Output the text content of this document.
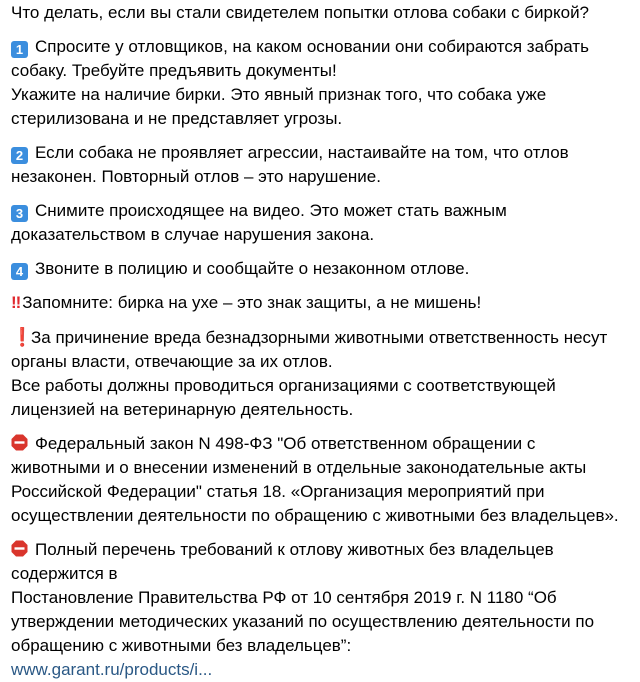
Что делать, если вы стали свидетелем попытки отлова собаки с биркой?
1 Спросите у отловщиков, на каком основании они собираются забрать
собаку. Требуйте предъявить документы!
Укажите на наличие бирки. Это явный признак того, что собака уже
стерилизована и не представляет угрозы.
2 Если собака не проявляет агрессии, настаивайте на том, что отлов
незаконен. Повторный отлов – это нарушение.
3 Снимите происходящее на видео. Это может стать важным
доказательством в случае нарушения закона.
4 Звоните в полицию и сообщайте о незаконном отлове.
‼ Запомните: бирка на ухе – это знак защиты, а не мишень!
❗За причинение вреда безнадзорными животными ответственность несут
органы власти, отвечающие за их отлов.
Все работы должны проводиться организациями с соответствующей
лицензией на ветеринарную деятельность.
Федеральный закон N 498-ФЗ "Об ответственном обращении с
животными и о внесении изменений в отдельные законодательные акты
Российской Федерации" статья 18. «Организация мероприятий при
осуществлении деятельности по обращению с животными без владельцев».
Полный перечень требований к отлову животных без владельцев
содержится в
Постановление Правительства РФ от 10 сентября 2019 г. N 1180 “Об
утверждении методических указаний по осуществлению деятельности по
обращению с животными без владельцев”:
www.garant.ru/products/i...
